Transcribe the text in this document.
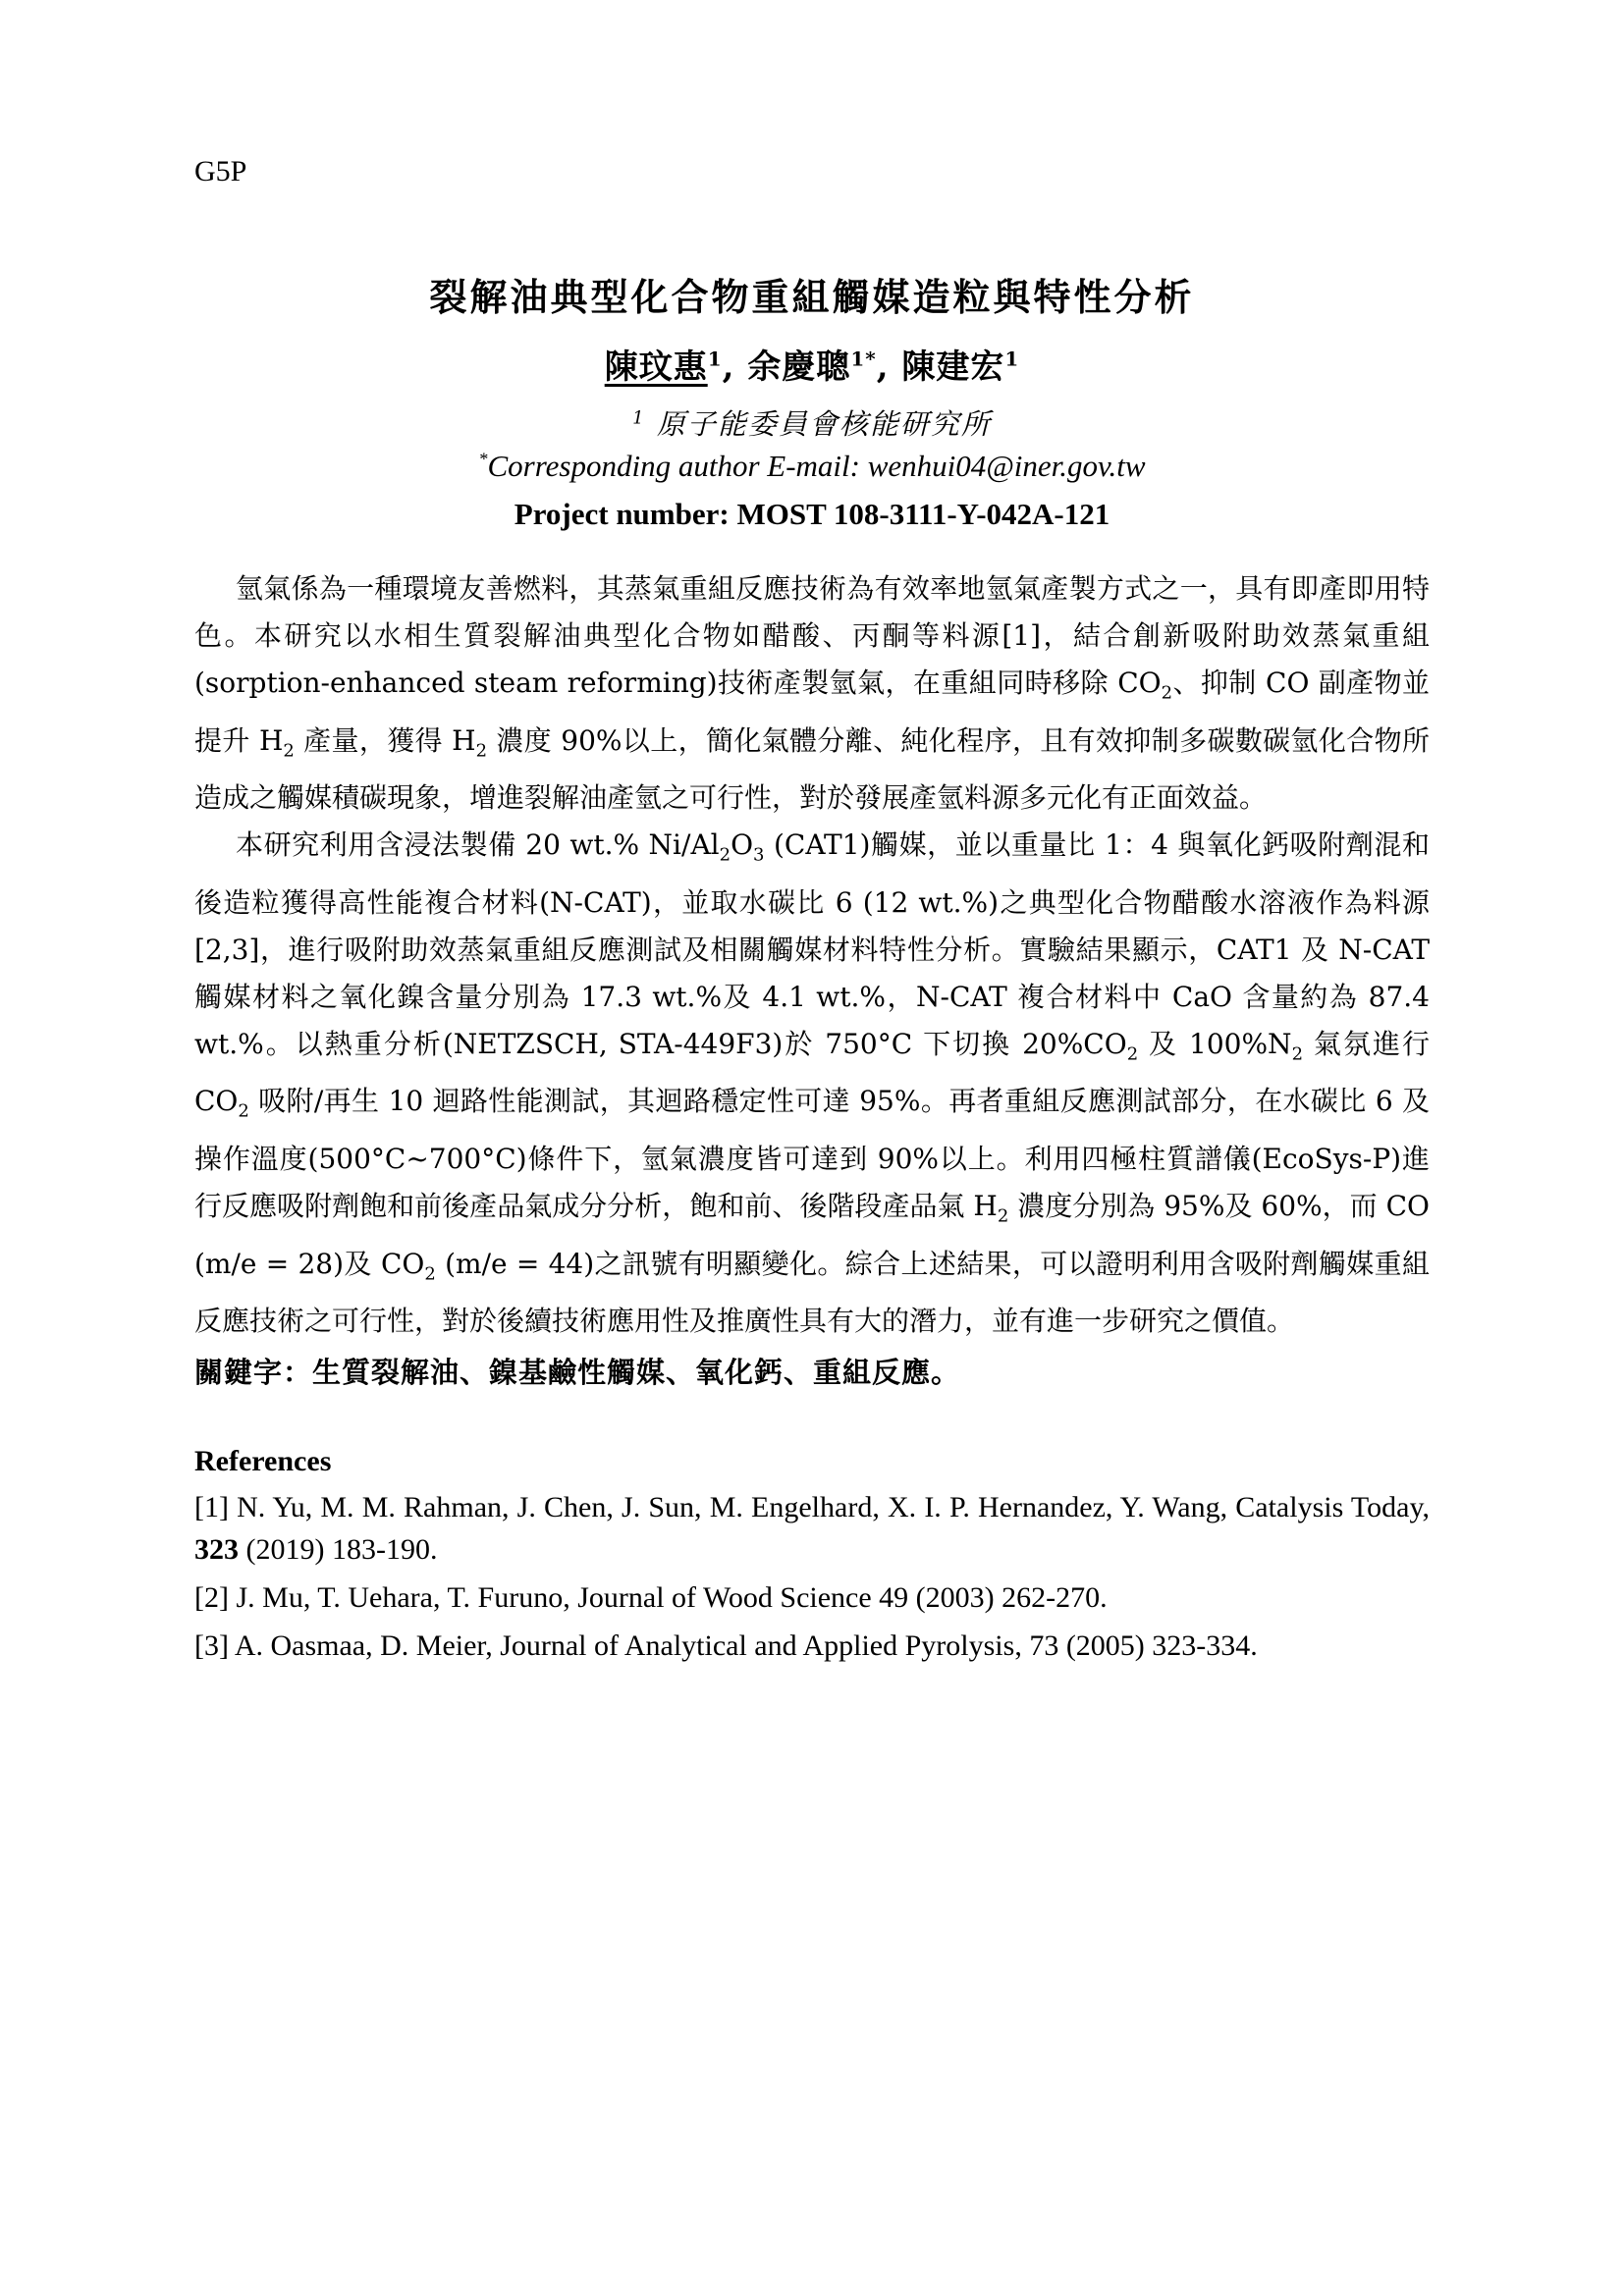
G5P
裂解油典型化合物重組觸媒造粒與特性分析
陳玟惠$^1$, 余慶聰$^{1*}$, 陳建宏$^1$
$^1$ 原子能委員會核能研究所
*Corresponding author E-mail: wenhui04@iner.gov.tw
Project number: MOST 108-3111-Y-042A-121

氫氣係為一種環境友善燃料，其蒸氣重組反應技術為有效率地氫氣產製方式之一，具有即產即用特色。本研究以水相生質裂解油典型化合物如醋酸、丙酮等料源[1]，結合創新吸附助效蒸氣重組(sorption-enhanced steam reforming)技術產製氫氣，在重組同時移除 $CO_2$、抑制 CO 副產物並提升 $H_2$ 產量，獲得 $H_2$ 濃度 90%以上，簡化氣體分離、純化程序，且有效抑制多碳數碳氫化合物所造成之觸媒積碳現象，增進裂解油產氫之可行性，對於發展產氫料源多元化有正面效益。

本研究利用含浸法製備 20 wt.% $Ni/Al_2O_3$ (CAT1)觸媒，並以重量比 1：4 與氧化鈣吸附劑混和後造粒獲得高性能複合材料(N-CAT)，並取水碳比 6 (12 wt.%)之典型化合物醋酸水溶液作為料源[2,3]，進行吸附助效蒸氣重組反應測試及相關觸媒材料特性分析。實驗結果顯示，CAT1 及 N-CAT 觸媒材料之氧化鎳含量分別為 17.3 wt.%及 4.1 wt.%，N-CAT 複合材料中 CaO 含量約為 87.4 wt.%。以熱重分析(NETZSCH, STA-449F3)於 750°C 下切換 $20\%CO_2$ 及 $100\%N_2$ 氣氛進行 $CO_2$ 吸附/再生 10 迴路性能測試，其迴路穩定性可達 95%。再者重組反應測試部分，在水碳比 6 及操作溫度(500°C~700°C)條件下，氫氣濃度皆可達到 90%以上。利用四極柱質譜儀(EcoSys-P)進行反應吸附劑飽和前後產品氣成分分析，飽和前、後階段產品氣 $H_2$ 濃度分別為 95%及 60%，而 CO (m/e = 28)及 $CO_2$ (m/e = 44)之訊號有明顯變化。綜合上述結果，可以證明利用含吸附劑觸媒重組反應技術之可行性，對於後續技術應用性及推廣性具有大的潛力，並有進一步研究之價值。

關鍵字：生質裂解油、鎳基鹼性觸媒、氧化鈣、重組反應。
References
[1] N. Yu, M. M. Rahman, J. Chen, J. Sun, M. Engelhard, X. I. P. Hernandez, Y. Wang, Catalysis Today, 323 (2019) 183-190.
[2] J. Mu, T. Uehara, T. Furuno, Journal of Wood Science 49 (2003) 262-270.
[3] A. Oasmaa, D. Meier, Journal of Analytical and Applied Pyrolysis, 73 (2005) 323-334.
